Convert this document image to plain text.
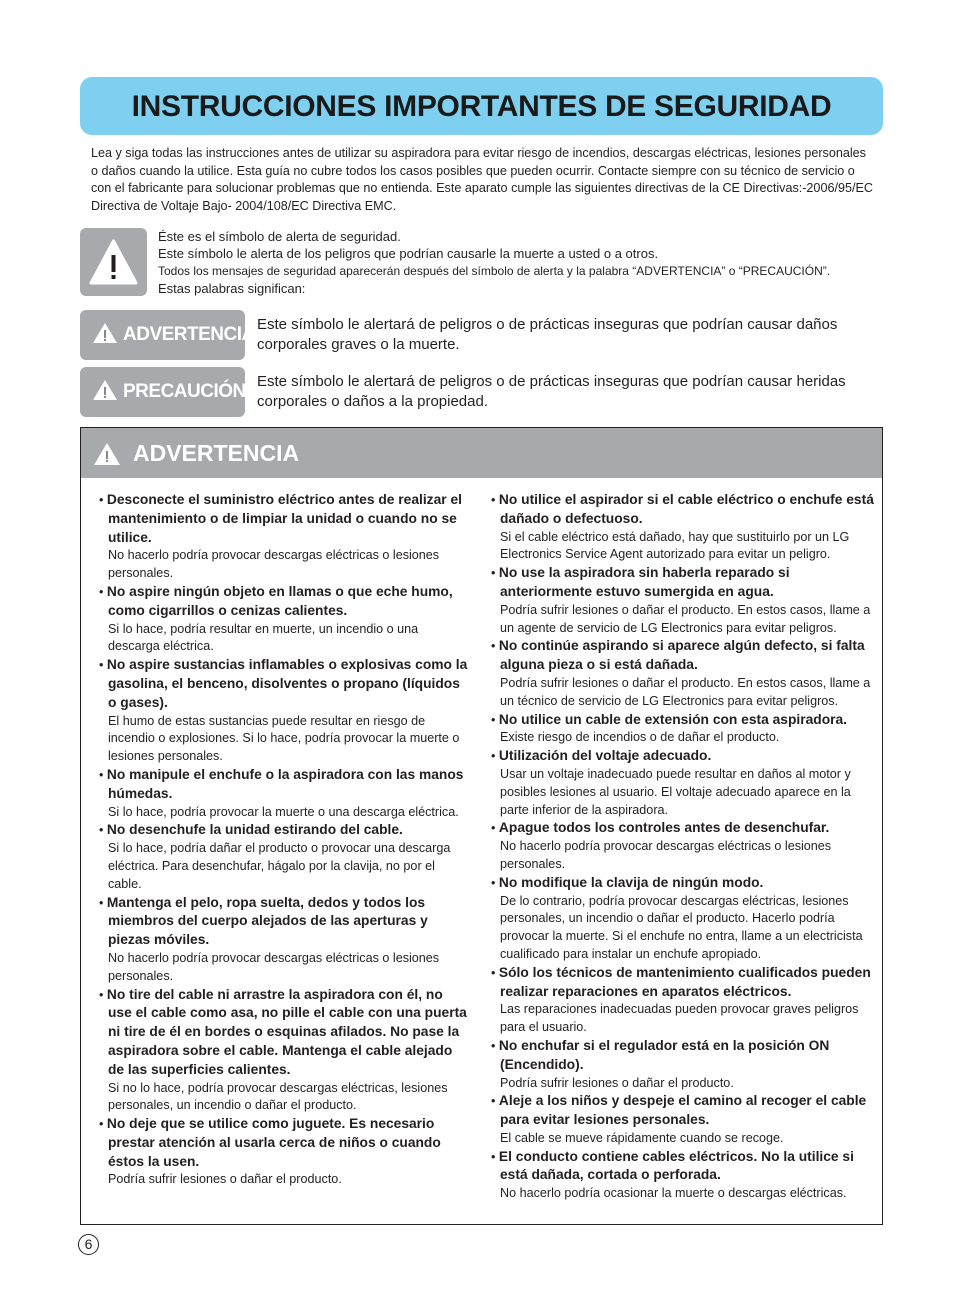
INSTRUCCIONES IMPORTANTES DE SEGURIDAD

Lea y siga todas las instrucciones antes de utilizar su aspiradora para evitar riesgo de incendios, descargas eléctricas, lesiones personales o daños cuando la utilice. Esta guía no cubre todos los casos posibles que pueden ocurrir. Contacte siempre con su técnico de servicio o con el fabricante para solucionar problemas que no entienda. Este aparato cumple las siguientes directivas de la CE Directivas:-2006/95/EC Directiva de Voltaje Bajo- 2004/108/EC Directiva EMC.

Éste es el símbolo de alerta de seguridad.
Este símbolo le alerta de los peligros que podrían causarle la muerte a usted o a otros.
Todos los mensajes de seguridad aparecerán después del símbolo de alerta y la palabra “ADVERTENCIA” o “PRECAUCIÓN”.
Estas palabras significan:
ADVERTENCIA Este símbolo le alertará de peligros o de prácticas inseguras que podrían causar daños corporales graves o la muerte.

PRECAUCIÓN Este símbolo le alertará de peligros o de prácticas inseguras que podrían causar heridas corporales o daños a la propiedad.

ADVERTENCIA
• Desconecte el suministro eléctrico antes de realizar el mantenimiento o de limpiar la unidad o cuando no se utilice.
No hacerlo podría provocar descargas eléctricas o lesiones personales.
• No aspire ningún objeto en llamas o que eche humo, como cigarrillos o cenizas calientes.
Si lo hace, podría resultar en muerte, un incendio o una descarga eléctrica.
• No aspire sustancias inflamables o explosivas como la gasolina, el benceno, disolventes o propano (líquidos o gases).
El humo de estas sustancias puede resultar en riesgo de incendio o explosiones. Si lo hace, podría provocar la muerte o lesiones personales.
• No manipule el enchufe o la aspiradora con las manos húmedas.
Si lo hace, podría provocar la muerte o una descarga eléctrica.
• No desenchufe la unidad estirando del cable.
Si lo hace, podría dañar el producto o provocar una descarga eléctrica. Para desenchufar, hágalo por la clavija, no por el cable.
• Mantenga el pelo, ropa suelta, dedos y todos los miembros del cuerpo alejados de las aperturas y piezas móviles.
No hacerlo podría provocar descargas eléctricas o lesiones personales.
• No tire del cable ni arrastre la aspiradora con él, no use el cable como asa, no pille el cable con una puerta ni tire de él en bordes o esquinas afilados. No pase la aspiradora sobre el cable. Mantenga el cable alejado de las superficies calientes.
Si no lo hace, podría provocar descargas eléctricas, lesiones personales, un incendio o dañar el producto.
• No deje que se utilice como juguete. Es necesario prestar atención al usarla cerca de niños o cuando éstos la usen.
Podría sufrir lesiones o dañar el producto.
• No utilice el aspirador si el cable eléctrico o enchufe está dañado o defectuoso.
Si el cable eléctrico está dañado, hay que sustituirlo por un LG Electronics Service Agent autorizado para evitar un peligro.
• No use la aspiradora sin haberla reparado si anteriormente estuvo sumergida en agua.
Podría sufrir lesiones o dañar el producto. En estos casos, llame a un agente de servicio de LG Electronics para evitar peligros.
• No continúe aspirando si aparece algún defecto, si falta alguna pieza o si está dañada.
Podría sufrir lesiones o dañar el producto. En estos casos, llame a un técnico de servicio de LG Electronics para evitar peligros.
• No utilice un cable de extensión con esta aspiradora.
Existe riesgo de incendios o de dañar el producto.
• Utilización del voltaje adecuado.
Usar un voltaje inadecuado puede resultar en daños al motor y posibles lesiones al usuario. El voltaje adecuado aparece en la parte inferior de la aspiradora.
• Apague todos los controles antes de desenchufar.
No hacerlo podría provocar descargas eléctricas o lesiones personales.
• No modifique la clavija de ningún modo.
De lo contrario, podría provocar descargas eléctricas, lesiones personales, un incendio o dañar el producto. Hacerlo podría provocar la muerte. Si el enchufe no entra, llame a un electricista cualificado para instalar un enchufe apropiado.
• Sólo los técnicos de mantenimiento cualificados pueden realizar reparaciones en aparatos eléctricos.
Las reparaciones inadecuadas pueden provocar graves peligros para el usuario.
• No enchufar si el regulador está en la posición ON (Encendido).
Podría sufrir lesiones o dañar el producto.
• Aleje a los niños y despeje el camino al recoger el cable para evitar lesiones personales.
El cable se mueve rápidamente cuando se recoge.
• El conducto contiene cables eléctricos. No la utilice si está dañada, cortada o perforada.
No hacerlo podría ocasionar la muerte o descargas eléctricas.
6
